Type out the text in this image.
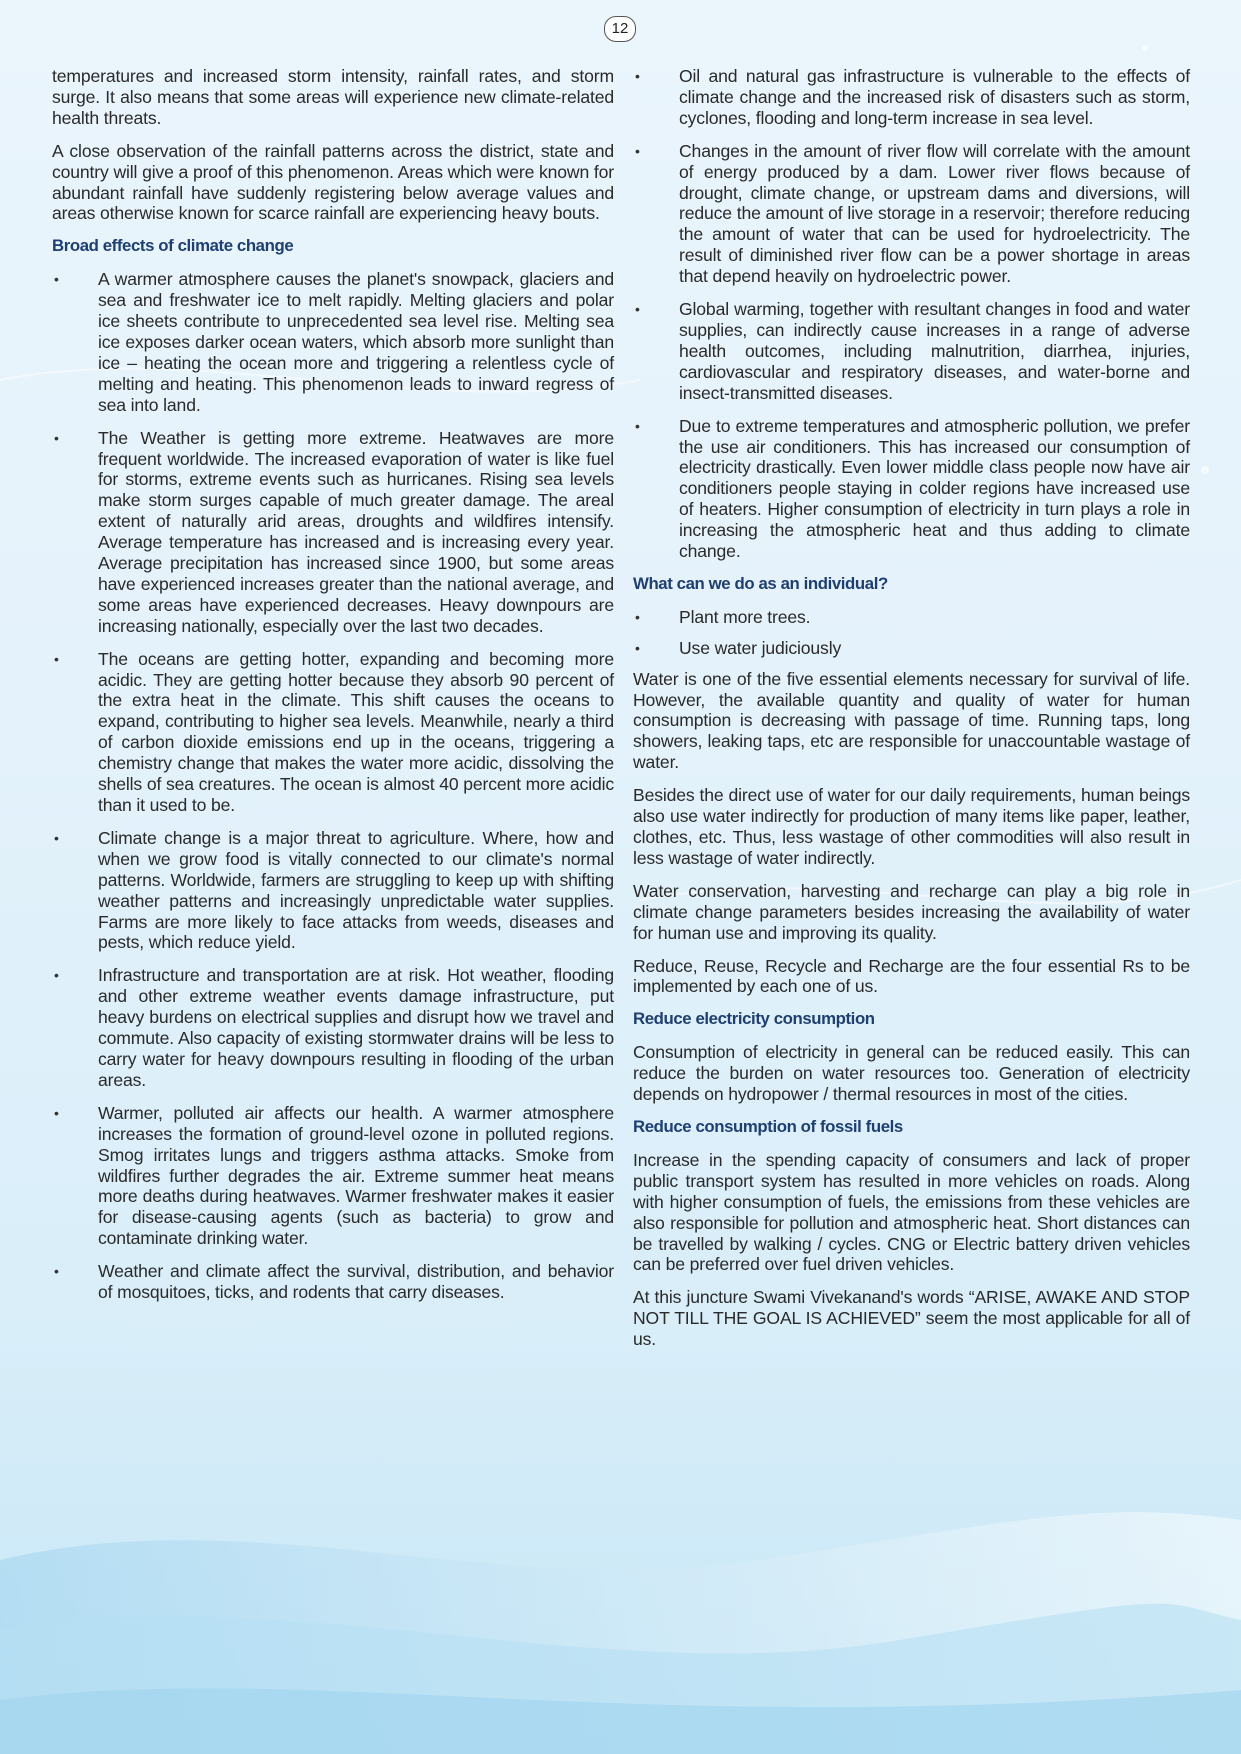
12

temperatures and increased storm intensity, rainfall rates, and storm surge. It also means that some areas will experience new climate-related health threats.

A close observation of the rainfall patterns across the district, state and country will give a proof of this phenomenon. Areas which were known for abundant rainfall have suddenly registering below average values and areas otherwise known for scarce rainfall are experiencing heavy bouts.

Broad effects of climate change
• A warmer atmosphere causes the planet's snowpack, glaciers and sea and freshwater ice to melt rapidly. Melting glaciers and polar ice sheets contribute to unprecedented sea level rise. Melting sea ice exposes darker ocean waters, which absorb more sunlight than ice – heating the ocean more and triggering a relentless cycle of melting and heating. This phenomenon leads to inward regress of sea into land.
• The Weather is getting more extreme. Heatwaves are more frequent worldwide. The increased evaporation of water is like fuel for storms, extreme events such as hurricanes. Rising sea levels make storm surges capable of much greater damage. The areal extent of naturally arid areas, droughts and wildfires intensify. Average temperature has increased and is increasing every year. Average precipitation has increased since 1900, but some areas have experienced increases greater than the national average, and some areas have experienced decreases. Heavy downpours are increasing nationally, especially over the last two decades.
• The oceans are getting hotter, expanding and becoming more acidic. They are getting hotter because they absorb 90 percent of the extra heat in the climate. This shift causes the oceans to expand, contributing to higher sea levels. Meanwhile, nearly a third of carbon dioxide emissions end up in the oceans, triggering a chemistry change that makes the water more acidic, dissolving the shells of sea creatures. The ocean is almost 40 percent more acidic than it used to be.
• Climate change is a major threat to agriculture. Where, how and when we grow food is vitally connected to our climate's normal patterns. Worldwide, farmers are struggling to keep up with shifting weather patterns and increasingly unpredictable water supplies. Farms are more likely to face attacks from weeds, diseases and pests, which reduce yield.
• Infrastructure and transportation are at risk. Hot weather, flooding and other extreme weather events damage infrastructure, put heavy burdens on electrical supplies and disrupt how we travel and commute. Also capacity of existing stormwater drains will be less to carry water for heavy downpours resulting in flooding of the urban areas.
• Warmer, polluted air affects our health. A warmer atmosphere increases the formation of ground-level ozone in polluted regions. Smog irritates lungs and triggers asthma attacks. Smoke from wildfires further degrades the air. Extreme summer heat means more deaths during heatwaves. Warmer freshwater makes it easier for disease-causing agents (such as bacteria) to grow and contaminate drinking water.
• Weather and climate affect the survival, distribution, and behavior of mosquitoes, ticks, and rodents that carry diseases.
• Oil and natural gas infrastructure is vulnerable to the effects of climate change and the increased risk of disasters such as storm, cyclones, flooding and long-term increase in sea level.
• Changes in the amount of river flow will correlate with the amount of energy produced by a dam. Lower river flows because of drought, climate change, or upstream dams and diversions, will reduce the amount of live storage in a reservoir; therefore reducing the amount of water that can be used for hydroelectricity. The result of diminished river flow can be a power shortage in areas that depend heavily on hydroelectric power.
• Global warming, together with resultant changes in food and water supplies, can indirectly cause increases in a range of adverse health outcomes, including malnutrition, diarrhea, injuries, cardiovascular and respiratory diseases, and water-borne and insect-transmitted diseases.
• Due to extreme temperatures and atmospheric pollution, we prefer the use air conditioners. This has increased our consumption of electricity drastically. Even lower middle class people now have air conditioners people staying in colder regions have increased use of heaters. Higher consumption of electricity in turn plays a role in increasing the atmospheric heat and thus adding to climate change.
What can we do as an individual?
• Plant more trees.
• Use water judiciously

Water is one of the five essential elements necessary for survival of life. However, the available quantity and quality of water for human consumption is decreasing with passage of time. Running taps, long showers, leaking taps, etc are responsible for unaccountable wastage of water.

Besides the direct use of water for our daily requirements, human beings also use water indirectly for production of many items like paper, leather, clothes, etc. Thus, less wastage of other commodities will also result in less wastage of water indirectly.

Water conservation, harvesting and recharge can play a big role in climate change parameters besides increasing the availability of water for human use and improving its quality.

Reduce, Reuse, Recycle and Recharge are the four essential Rs to be implemented by each one of us.

Reduce electricity consumption

Consumption of electricity in general can be reduced easily. This can reduce the burden on water resources too. Generation of electricity depends on hydropower / thermal resources in most of the cities.

Reduce consumption of fossil fuels

Increase in the spending capacity of consumers and lack of proper public transport system has resulted in more vehicles on roads. Along with higher consumption of fuels, the emissions from these vehicles are also responsible for pollution and atmospheric heat. Short distances can be travelled by walking / cycles. CNG or Electric battery driven vehicles can be preferred over fuel driven vehicles.

At this juncture Swami Vivekanand's words “ARISE, AWAKE AND STOP NOT TILL THE GOAL IS ACHIEVED” seem the most applicable for all of us.
